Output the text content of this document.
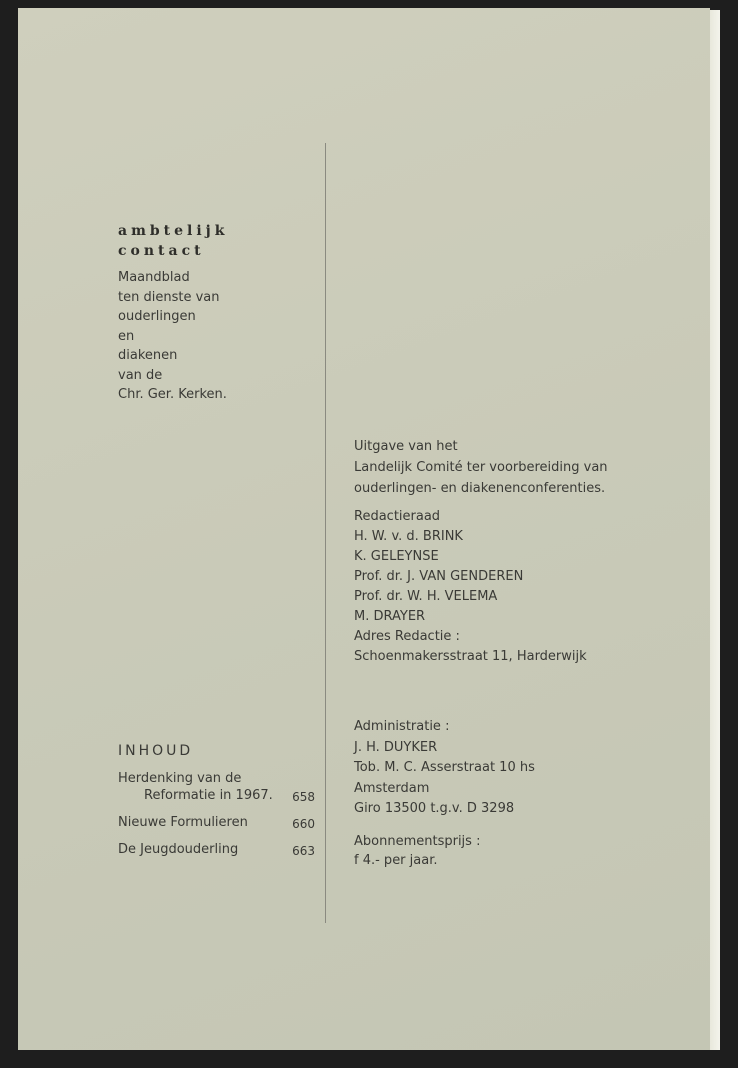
ambtelijk
contact
Maandblad
ten dienste van
ouderlingen
en
diakenen
van de
Chr. Ger. Kerken.
Uitgave van het
Landelijk Comité ter voorbereiding van
ouderlingen- en diakenenconferenties.
Redactieraad
H. W. v. d. BRINK
K. GELEYNSE
Prof. dr. J. VAN GENDEREN
Prof. dr. W. H. VELEMA
M. DRAYER
Adres Redactie :
Schoenmakersstraat 11, Harderwijk
Administratie :
J. H. DUYKER
Tob. M. C. Asserstraat 10 hs
Amsterdam
Giro 13500 t.g.v. D 3298
Abonnementsprijs :
f 4.- per jaar.
INHOUD
Herdenking van de
Reformatie in 1967.	658
Nieuwe Formulieren	660
De Jeugdouderling	663
